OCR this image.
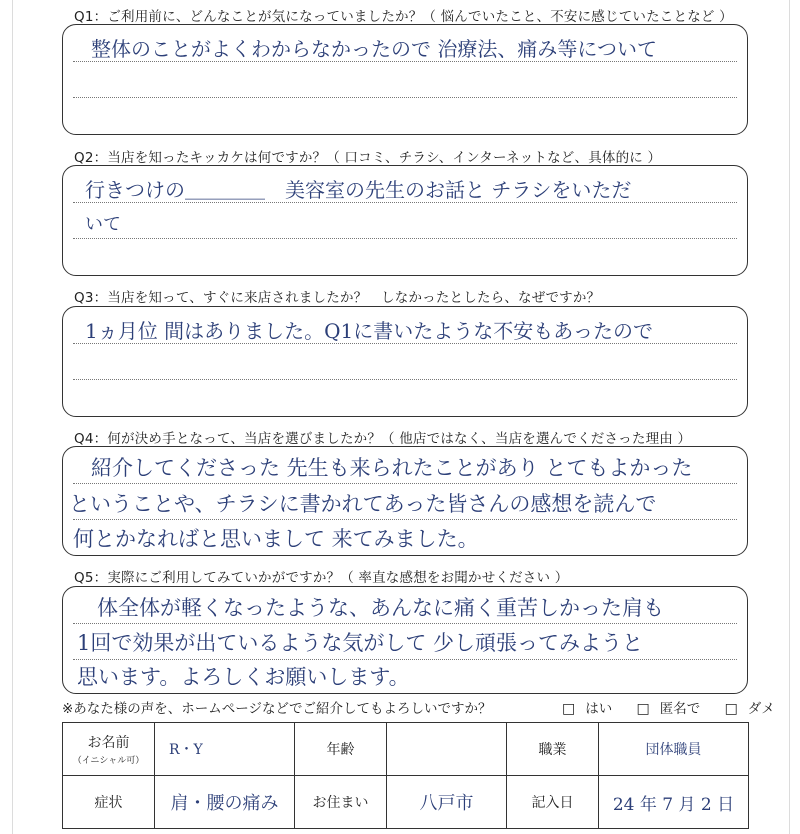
Q1：ご利用前に、どんなことが気になっていましたか？（ 悩んでいたこと、不安に感じていたことなど ）
整体のことがよくわからなかったので 治療法、痛み等について
Q2：当店を知ったキッカケは何ですか？（ 口コミ、チラシ、インターネットなど、具体的に ）
行きつけの＿＿＿＿　美容室の先生のお話と チラシをいただ
いて
Q3：当店を知って、すぐに来店されましたか？　しなかったとしたら、なぜですか？
1ヵ月位 間はありました。Q1に書いたような不安もあったので
Q4：何が決め手となって、当店を選びましたか？（ 他店ではなく、当店を選んでくださった理由 ）
紹介してくださった 先生も来られたことがあり とてもよかった
ということや、チラシに書かれてあった皆さんの感想を読んで
何とかなればと思いまして 来てみました。
Q5：実際にご利用してみていかがですか？（ 率直な感想をお聞かせください ）
体全体が軽くなったような、あんなに痛く重苦しかった肩も
1回で効果が出ているような気がして 少し頑張ってみようと
思います。よろしくお願いします。
※あなた様の声を、ホームページなどでご紹介してもよろしいですか？	□ はい □ 匿名で □ ダメ
お名前
（イニシャル可）	R・Y	年齢		職業	団体職員
症状	肩・腰の痛み	お住まい	八戸市	記入日	24 年 7 月 2 日
